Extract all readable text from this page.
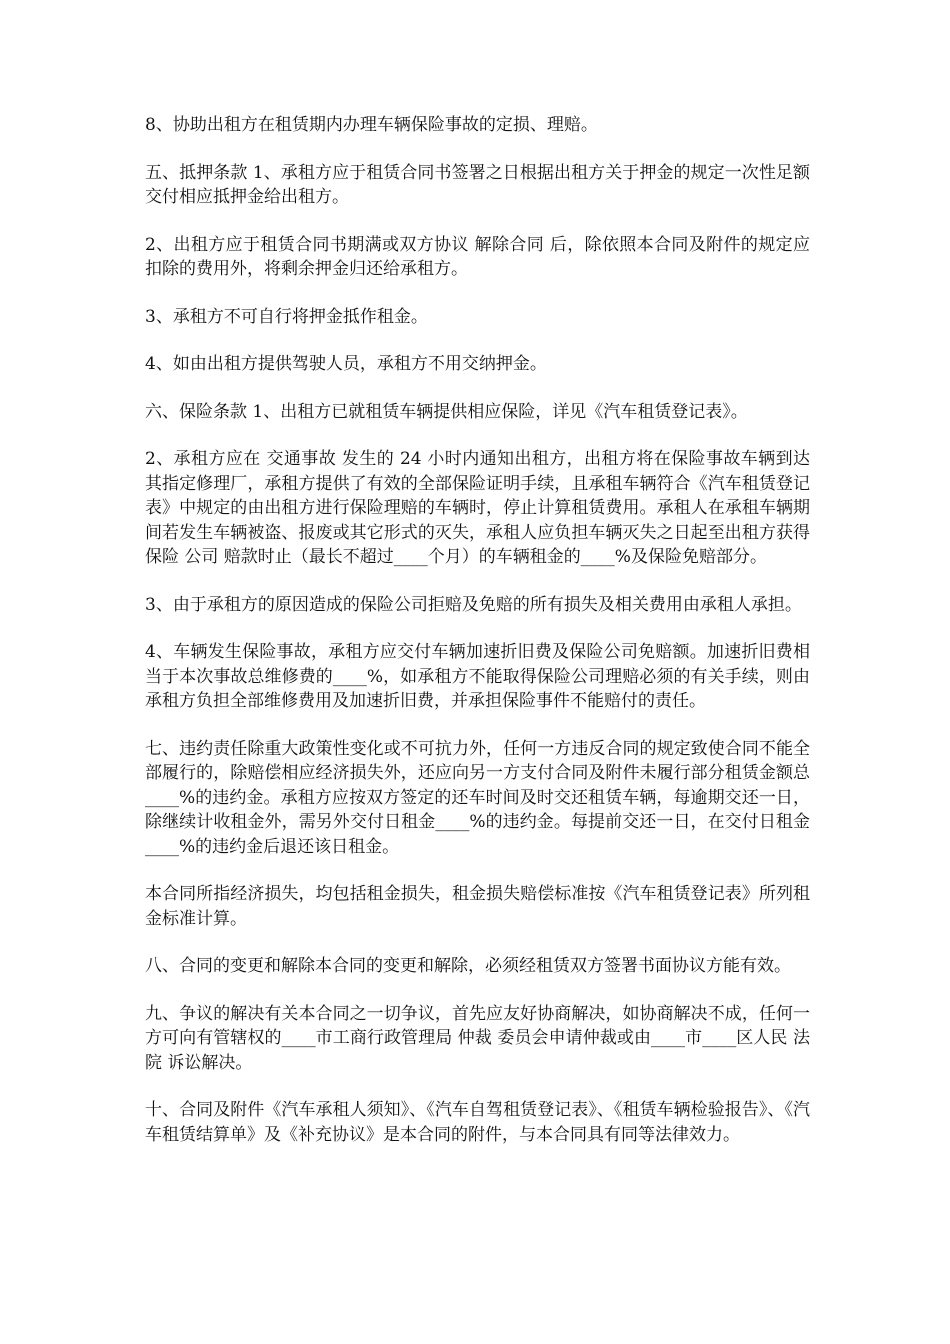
8、协助出租方在租赁期内办理车辆保险事故的定损、理赔。

五、抵押条款 1、承租方应于租赁合同书签署之日根据出租方关于押金的规定一次性足额交付相应抵押金给出租方。

2、出租方应于租赁合同书期满或双方协议 解除合同 后，除依照本合同及附件的规定应扣除的费用外，将剩余押金归还给承租方。

3、承租方不可自行将押金抵作租金。

4、如由出租方提供驾驶人员，承租方不用交纳押金。

六、保险条款 1、出租方已就租赁车辆提供相应保险，详见《汽车租赁登记表》。

2、承租方应在 交通事故 发生的 24 小时内通知出租方，出租方将在保险事故车辆到达其指定修理厂，承租方提供了有效的全部保险证明手续，且承租车辆符合《汽车租赁登记表》中规定的由出租方进行保险理赔的车辆时，停止计算租赁费用。承租人在承租车辆期间若发生车辆被盗、报废或其它形式的灭失，承租人应负担车辆灭失之日起至出租方获得保险 公司 赔款时止（最长不超过____个月）的车辆租金的____%及保险免赔部分。

3、由于承租方的原因造成的保险公司拒赔及免赔的所有损失及相关费用由承租人承担。

4、车辆发生保险事故，承租方应交付车辆加速折旧费及保险公司免赔额。加速折旧费相当于本次事故总维修费的____%，如承租方不能取得保险公司理赔必须的有关手续，则由承租方负担全部维修费用及加速折旧费，并承担保险事件不能赔付的责任。

七、违约责任除重大政策性变化或不可抗力外，任何一方违反合同的规定致使合同不能全部履行的，除赔偿相应经济损失外，还应向另一方支付合同及附件未履行部分租赁金额总____%的违约金。承租方应按双方签定的还车时间及时交还租赁车辆，每逾期交还一日，除继续计收租金外，需另外交付日租金____%的违约金。每提前交还一日，在交付日租金____%的违约金后退还该日租金。

本合同所指经济损失，均包括租金损失，租金损失赔偿标准按《汽车租赁登记表》所列租金标准计算。

八、合同的变更和解除本合同的变更和解除，必须经租赁双方签署书面协议方能有效。

九、争议的解决有关本合同之一切争议，首先应友好协商解决，如协商解决不成，任何一方可向有管辖权的____市工商行政管理局 仲裁 委员会申请仲裁或由____市____区人民 法院 诉讼解决。

十、合同及附件《汽车承租人须知》、《汽车自驾租赁登记表》、《租赁车辆检验报告》、《汽车租赁结算单》及《补充协议》是本合同的附件，与本合同具有同等法律效力。
